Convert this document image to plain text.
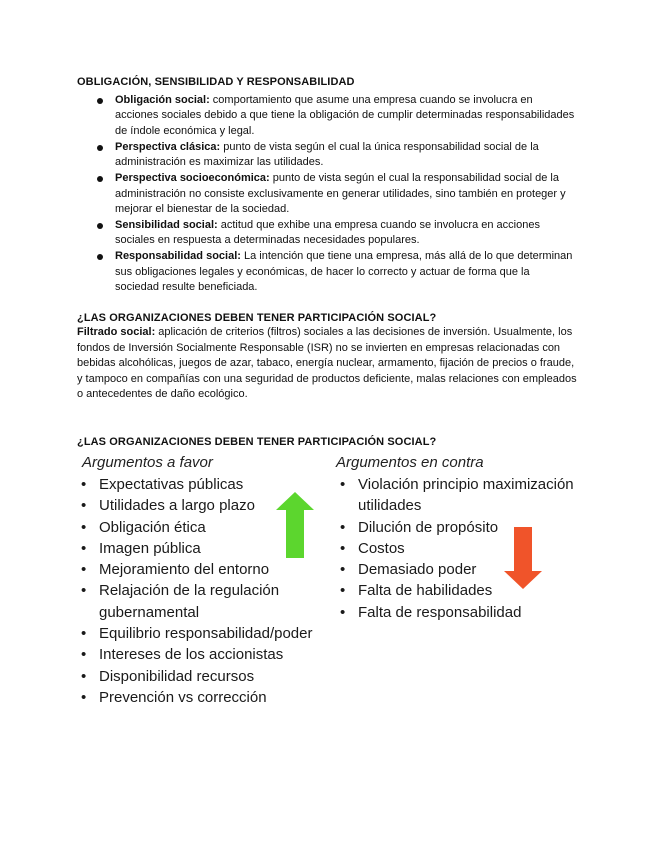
OBLIGACIÓN, SENSIBILIDAD Y RESPONSABILIDAD
Obligación social: comportamiento que asume una empresa cuando se involucra en acciones sociales debido a que tiene la obligación de cumplir determinadas responsabilidades de índole económica y legal.
Perspectiva clásica: punto de vista según el cual la única responsabilidad social de la administración es maximizar las utilidades.
Perspectiva socioeconómica: punto de vista según el cual la responsabilidad social de la administración no consiste exclusivamente en generar utilidades, sino también en proteger y mejorar el bienestar de la sociedad.
Sensibilidad social: actitud que exhibe una empresa cuando se involucra en acciones sociales en respuesta a determinadas necesidades populares.
Responsabilidad social: La intención que tiene una empresa, más allá de lo que determinan sus obligaciones legales y económicas, de hacer lo correcto y actuar de forma que la sociedad resulte beneficiada.
¿LAS ORGANIZACIONES DEBEN TENER PARTICIPACIÓN SOCIAL?
Filtrado social: aplicación de criterios (filtros) sociales a las decisiones de inversión. Usualmente, los fondos de Inversión Socialmente Responsable (ISR) no se invierten en empresas relacionadas con bebidas alcohólicas, juegos de azar, tabaco, energía nuclear, armamento, fijación de precios o fraude, y tampoco en compañías con una seguridad de productos deficiente, malas relaciones con empleados o antecedentes de daño ecológico.
¿LAS ORGANIZACIONES DEBEN TENER PARTICIPACIÓN SOCIAL?
Argumentos a favor	Argumentos en contra
• Expectativas públicas
• Utilidades a largo plazo
• Obligación ética
• Imagen pública
• Mejoramiento del entorno
• Relajación de la regulación gubernamental
• Equilibrio responsabilidad/poder
• Intereses de los accionistas
• Disponibilidad recursos
• Prevención vs corrección
• Violación principio maximización utilidades
• Dilución de propósito
• Costos
• Demasiado poder
• Falta de habilidades
• Falta de responsabilidad
